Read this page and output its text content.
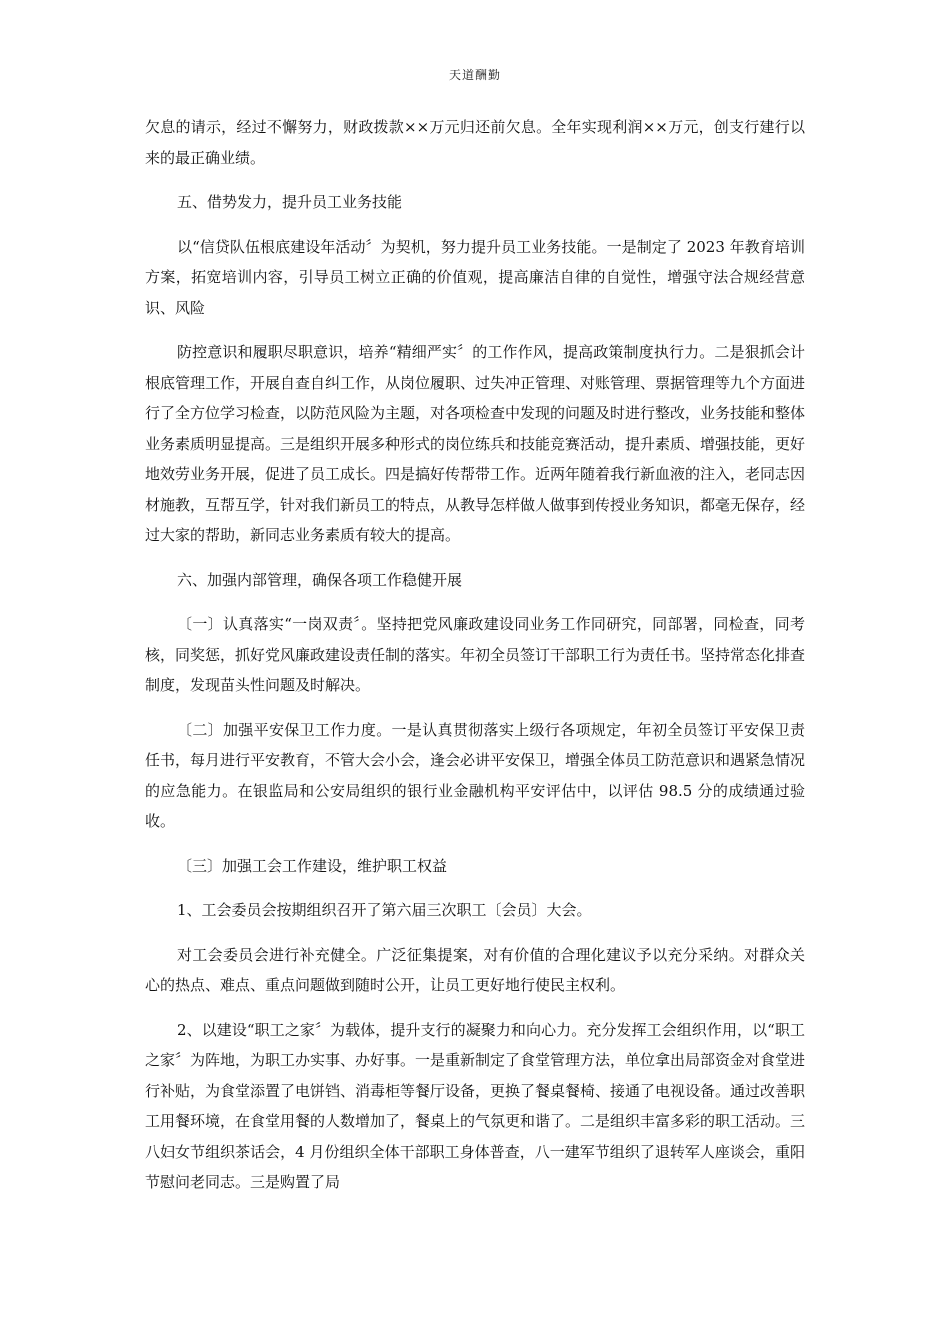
天道酬勤

欠息的请示，经过不懈努力，财政拨款××万元归还前欠息。全年实现利润××万元，创支行建行以来的最正确业绩。

五、借势发力，提升员工业务技能

以“信贷队伍根底建设年活动〞为契机，努力提升员工业务技能。一是制定了 2023 年教育培训方案，拓宽培训内容，引导员工树立正确的价值观，提高廉洁自律的自觉性，增强守法合规经营意识、风险

防控意识和履职尽职意识，培养“精细严实〞的工作作风，提高政策制度执行力。二是狠抓会计根底管理工作，开展自查自纠工作，从岗位履职、过失冲正管理、对账管理、票据管理等九个方面进行了全方位学习检查，以防范风险为主题，对各项检查中发现的问题及时进行整改，业务技能和整体业务素质明显提高。三是组织开展多种形式的岗位练兵和技能竞赛活动，提升素质、增强技能，更好地效劳业务开展，促进了员工成长。四是搞好传帮带工作。近两年随着我行新血液的注入，老同志因材施教，互帮互学，针对我们新员工的特点，从教导怎样做人做事到传授业务知识，都毫无保存，经过大家的帮助，新同志业务素质有较大的提高。

六、加强内部管理，确保各项工作稳健开展

〔一〕认真落实“一岗双责〞。坚持把党风廉政建设同业务工作同研究，同部署，同检查，同考核，同奖惩，抓好党风廉政建设责任制的落实。年初全员签订干部职工行为责任书。坚持常态化排查制度，发现苗头性问题及时解决。

〔二〕加强平安保卫工作力度。一是认真贯彻落实上级行各项规定，年初全员签订平安保卫责任书，每月进行平安教育，不管大会小会，逢会必讲平安保卫，增强全体员工防范意识和遇紧急情况的应急能力。在银监局和公安局组织的银行业金融机构平安评估中，以评估 98.5 分的成绩通过验收。

〔三〕加强工会工作建设，维护职工权益

1、工会委员会按期组织召开了第六届三次职工〔会员〕大会。

对工会委员会进行补充健全。广泛征集提案，对有价值的合理化建议予以充分采纳。对群众关心的热点、难点、重点问题做到随时公开，让员工更好地行使民主权利。

2、以建设“职工之家〞为载体，提升支行的凝聚力和向心力。充分发挥工会组织作用，以“职工之家〞为阵地，为职工办实事、办好事。一是重新制定了食堂管理方法，单位拿出局部资金对食堂进行补贴，为食堂添置了电饼铛、消毒柜等餐厅设备，更换了餐桌餐椅、接通了电视设备。通过改善职工用餐环境，在食堂用餐的人数增加了，餐桌上的气氛更和谐了。二是组织丰富多彩的职工活动。三八妇女节组织茶话会，4 月份组织全体干部职工身体普查，八一建军节组织了退转军人座谈会，重阳节慰问老同志。三是购置了局
